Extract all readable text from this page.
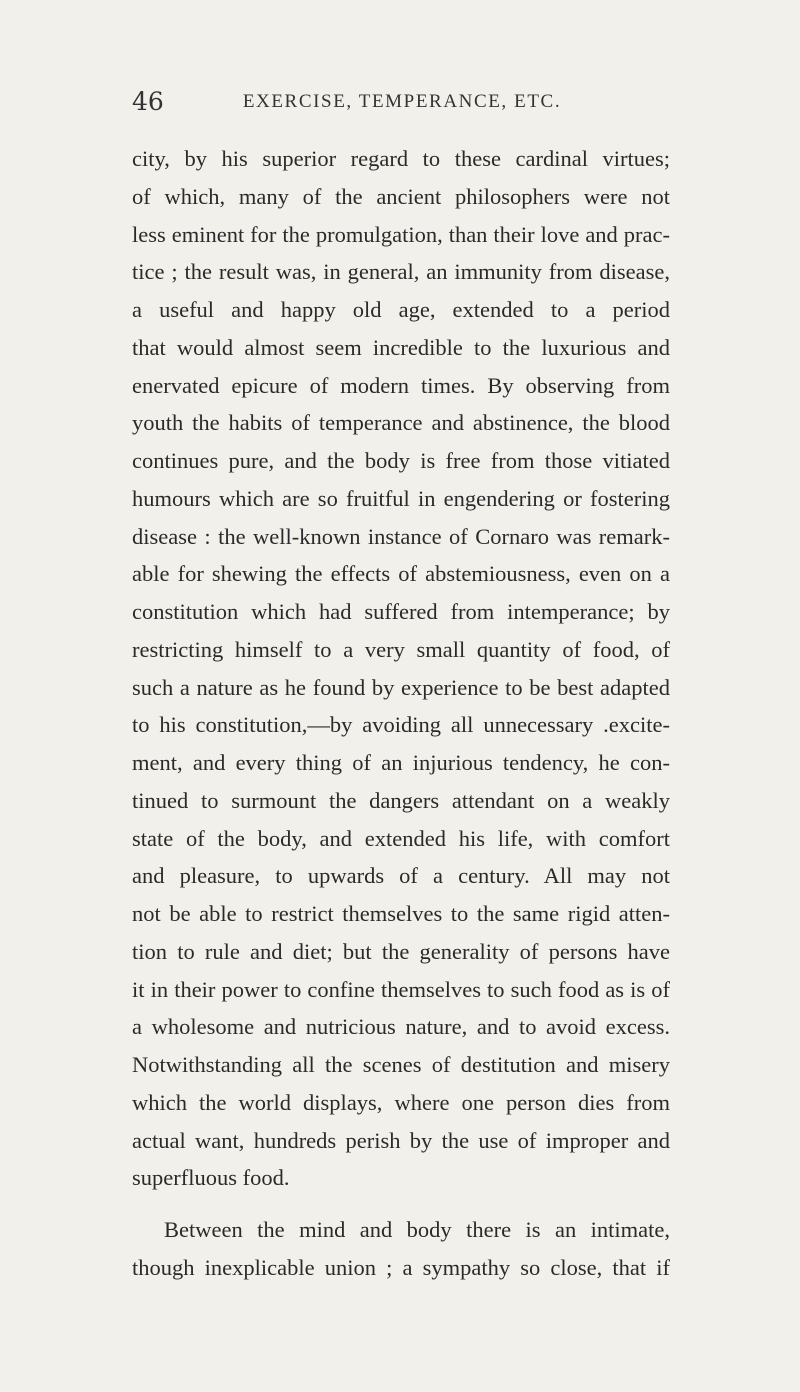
46	EXERCISE, TEMPERANCE, ETC.
city, by his superior regard to these cardinal virtues;
of which, many of the ancient philosophers were not
less eminent for the promulgation, than their love and prac-
tice ; the result was, in general, an immunity from disease,
a useful and happy old age, extended to a period
that would almost seem incredible to the luxurious and
enervated epicure of modern times. By observing from
youth the habits of temperance and abstinence, the blood
continues pure, and the body is free from those vitiated
humours which are so fruitful in engendering or fostering
disease : the well-known instance of Cornaro was remark-
able for shewing the effects of abstemiousness, even on a
constitution which had suffered from intemperance; by
restricting himself to a very small quantity of food, of
such a nature as he found by experience to be best adapted
to his constitution,—by avoiding all unnecessary .excite-
ment, and every thing of an injurious tendency, he con-
tinued to surmount the dangers attendant on a weakly
state of the body, and extended his life, with comfort
and pleasure, to upwards of a century. All may not
not be able to restrict themselves to the same rigid atten-
tion to rule and diet; but the generality of persons have
it in their power to confine themselves to such food as is of
a wholesome and nutricious nature, and to avoid excess.
Notwithstanding all the scenes of destitution and misery
which the world displays, where one person dies from
actual want, hundreds perish by the use of improper and
superfluous food.
Between the mind and body there is an intimate,
though inexplicable union ; a sympathy so close, that if
